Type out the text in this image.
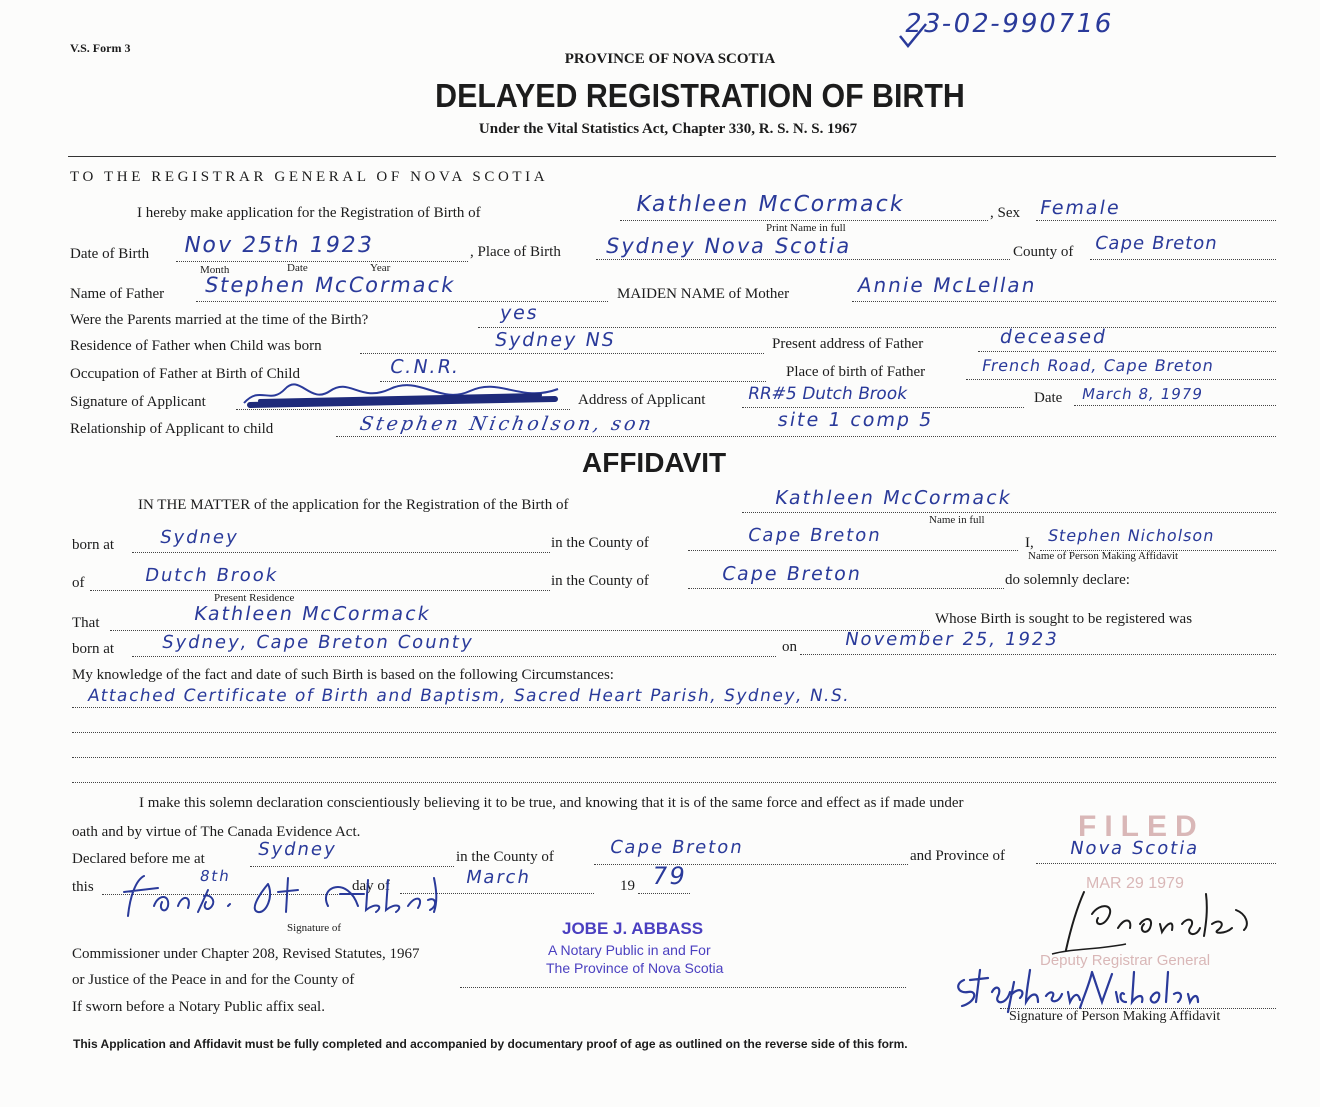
V.S. Form 3
23-02-990716
PROVINCE OF NOVA SCOTIA
DELAYED REGISTRATION OF BIRTH
Under the Vital Statistics Act, Chapter 330, R. S. N. S. 1967
TO THE REGISTRAR GENERAL OF NOVA SCOTIA
I hereby make application for the Registration of Birth of	Kathleen McCormack	, Sex Female
Print Name in full
Date of Birth Nov 25th 1923	, Place of Birth Sydney Nova Scotia	County of Cape Breton
Month	Date	Year
Name of Father Stephen McCormack	MAIDEN NAME of Mother	Annie McLellan
Were the Parents married at the time of the Birth?	yes
Residence of Father when Child was born	Sydney NS	Present address of Father	deceased
Occupation of Father at Birth of Child	C.N.R.	Place of birth of Father	French Road, Cape Breton
Signature of Applicant	Address of Applicant RR#5 Dutch Brook	Date March 8, 1979
Relationship of Applicant to child	Stephen Nicholson, son	site 1 comp 5
AFFIDAVIT
IN THE MATTER of the application for the Registration of the Birth of	Kathleen McCormack
Name in full
born at Sydney	in the County of	Cape Breton	I, Stephen Nicholson
Name of Person Making Affidavit
of	Dutch Brook
Present Residence
in the County of	Cape Breton	do solemnly declare:
That	Kathleen McCormack	Whose Birth is sought to be registered was
born at	Sydney, Cape Breton County	on	November 25, 1923
My knowledge of the fact and date of such Birth is based on the following Circumstances:
Attached Certificate of Birth and Baptism, Sacred Heart Parish, Sydney, N.S.
I make this solemn declaration conscientiously believing it to be true, and knowing that it is of the same force and effect as if made under
oath and by virtue of The Canada Evidence Act.
Declared before me at	Sydney	in the County of	Cape Breton	and Province of	Nova Scotia
this
8th
day of	March	19 79
Signature of
Commissioner under Chapter 208, Revised Statutes, 1967
or Justice of the Peace in and for the County of
If sworn before a Notary Public affix seal.
JOBE J. ABBASS
A Notary Public in and For
The Province of Nova Scotia
FILED
MAR 29 1979
Deputy Registrar General
Signature of Person Making Affidavit
This Application and Affidavit must be fully completed and accompanied by documentary proof of age as outlined on the reverse side of this form.
